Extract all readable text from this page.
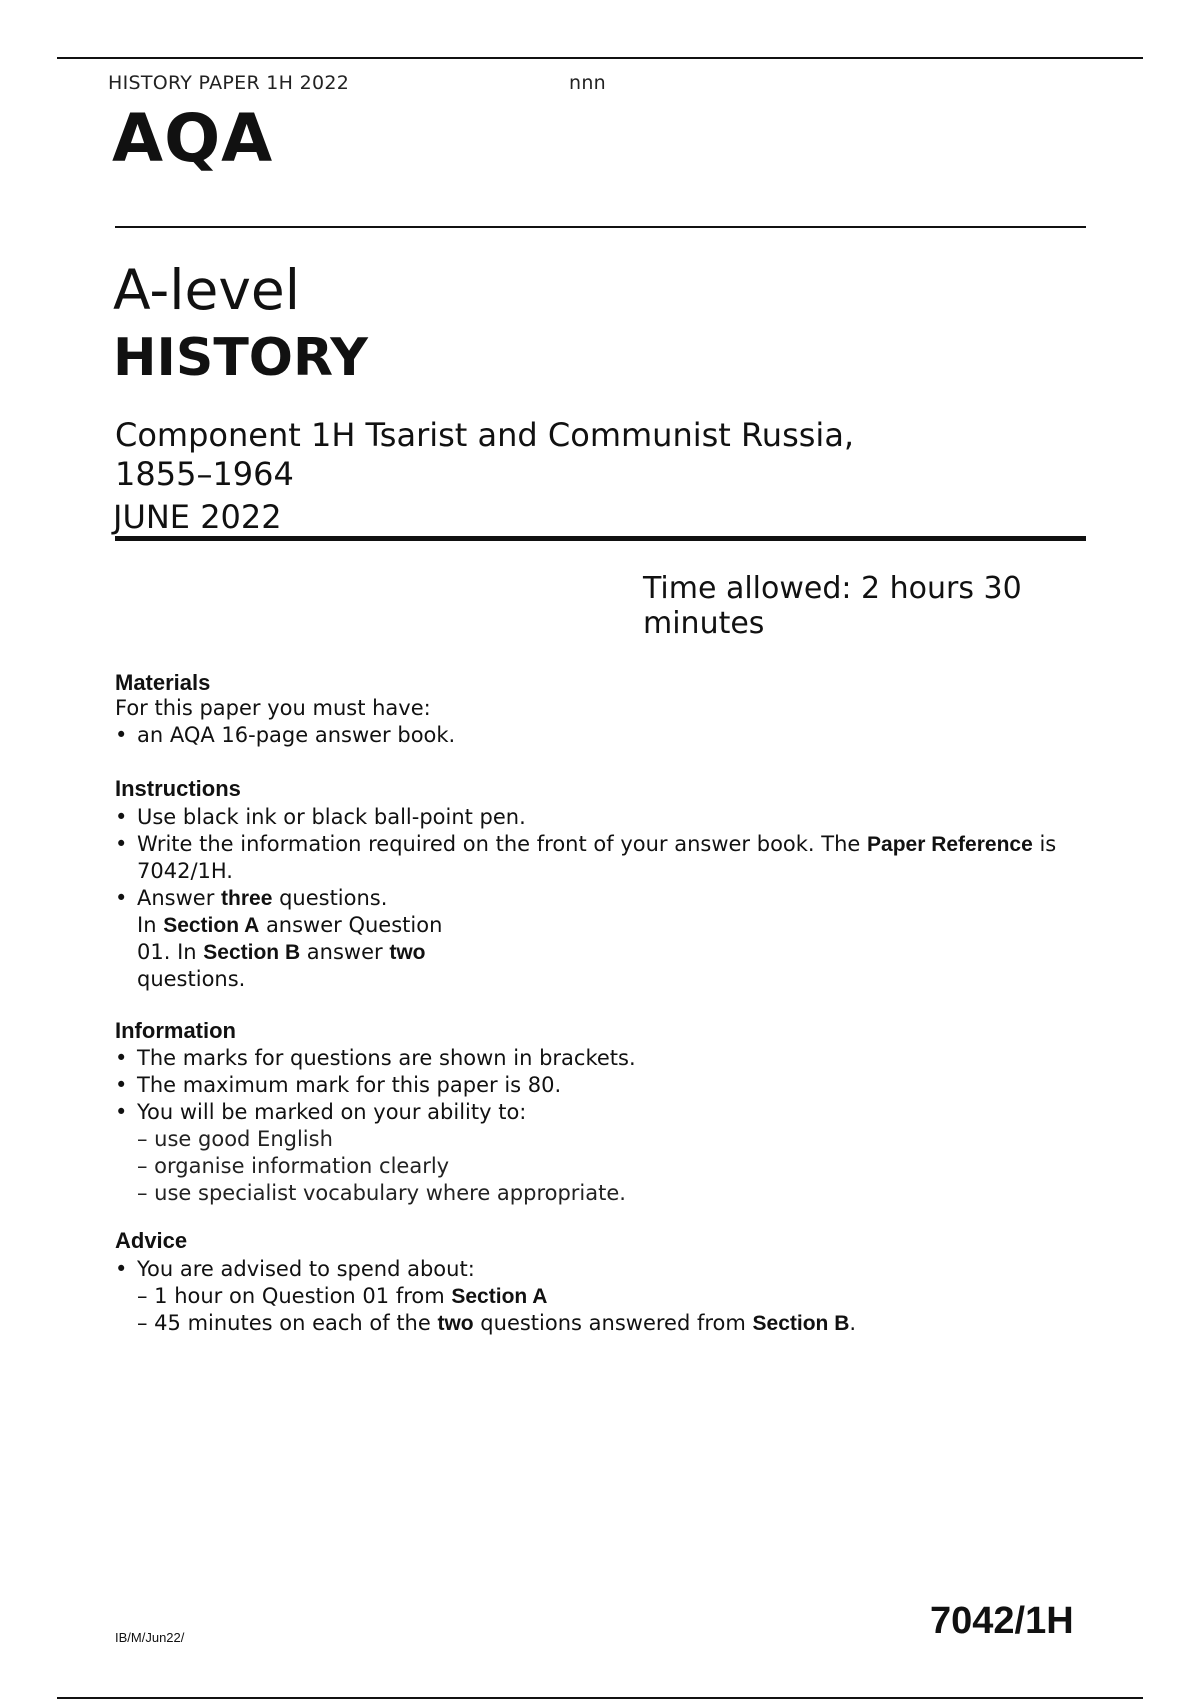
HISTORY PAPER 1H 2022	nnn
AQA
A-level
HISTORY
Component 1H Tsarist and Communist Russia,
1855–1964
JUNE 2022
Time allowed: 2 hours 30
minutes
Materials
For this paper you must have:
• an AQA 16-page answer book.
Instructions
• Use black ink or black ball-point pen.
• Write the information required on the front of your answer book. The Paper Reference is 7042/1H.
• Answer three questions.
In Section A answer Question
01. In Section B answer two
questions.
Information
• The marks for questions are shown in brackets.
• The maximum mark for this paper is 80.
• You will be marked on your ability to:
– use good English
– organise information clearly
– use specialist vocabulary where appropriate.
Advice
• You are advised to spend about:
– 1 hour on Question 01 from Section A
– 45 minutes on each of the two questions answered from Section B.
IB/M/Jun22/	7042/1H
